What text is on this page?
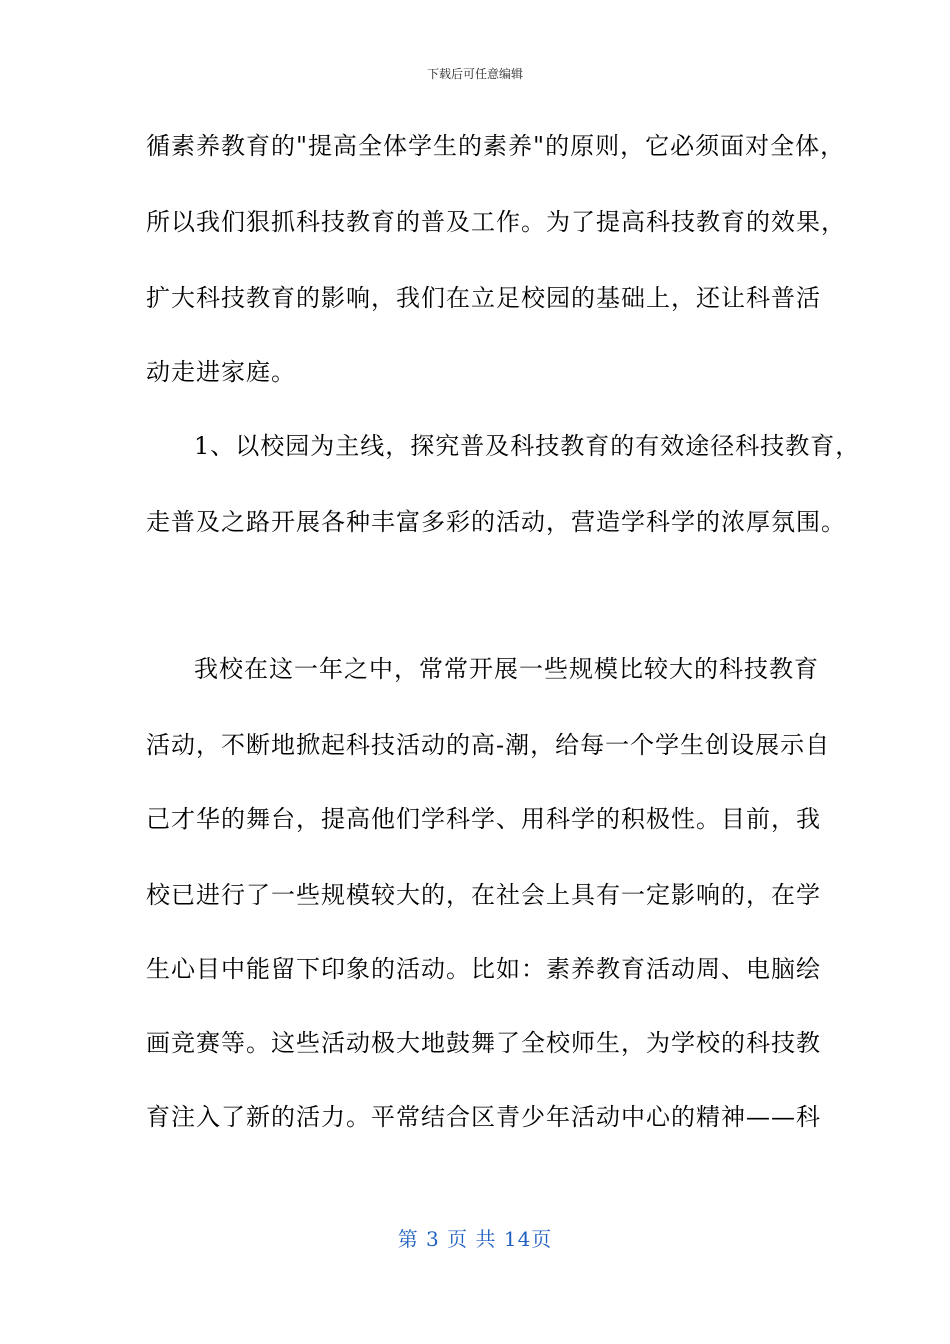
下载后可任意编辑
循素养教育的"提高全体学生的素养"的原则，它必须面对全体，
所以我们狠抓科技教育的普及工作。为了提高科技教育的效果，
扩大科技教育的影响，我们在立足校园的基础上，还让科普活
动走进家庭。
1、以校园为主线，探究普及科技教育的有效途径科技教育，
走普及之路开展各种丰富多彩的活动，营造学科学的浓厚氛围。
我校在这一年之中，常常开展一些规模比较大的科技教育
活动，不断地掀起科技活动的高-潮，给每一个学生创设展示自
己才华的舞台，提高他们学科学、用科学的积极性。目前，我
校已进行了一些规模较大的，在社会上具有一定影响的，在学
生心目中能留下印象的活动。比如：素养教育活动周、电脑绘
画竞赛等。这些活动极大地鼓舞了全校师生，为学校的科技教
育注入了新的活力。平常结合区青少年活动中心的精神——科
第 3 页 共 14页
